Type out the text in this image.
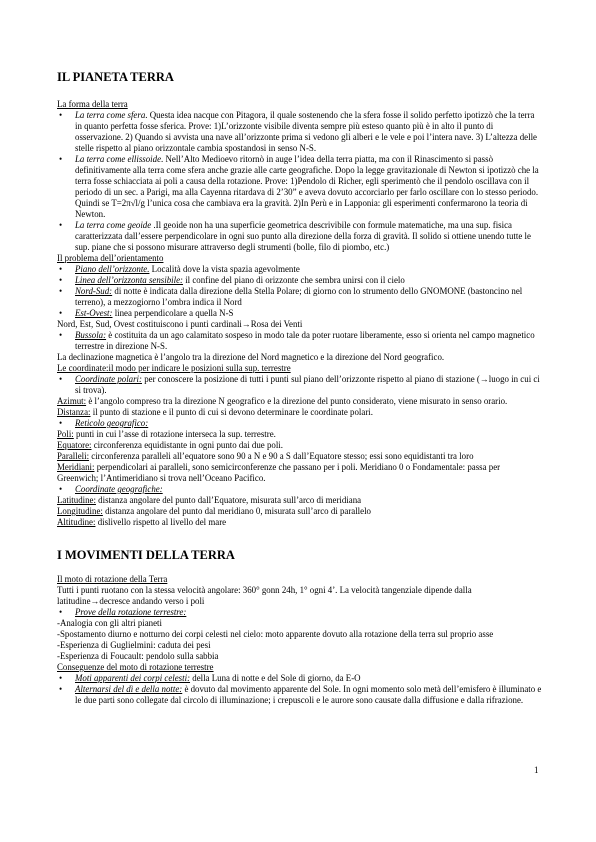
IL PIANETA TERRA
La forma della terra
• La terra come sfera. Questa idea nacque con Pitagora, il quale sostenendo che la sfera fosse il solido perfetto ipotizzò che la terra in quanto perfetta fosse sferica. Prove: 1)L’orizzonte visibile diventa sempre più esteso quanto più è in alto il punto di osservazione. 2) Quando si avvista una nave all’orizzonte prima si vedono gli alberi e le vele e poi l’intera nave. 3) L’altezza delle stelle rispetto al piano orizzontale cambia spostandosi in senso N-S.
• La terra come ellissoide. Nell’Alto Medioevo ritornò in auge l’idea della terra piatta, ma con il Rinascimento si passò definitivamente alla terra come sfera anche grazie alle carte geografiche. Dopo la legge gravitazionale di Newton si ipotizzò che la terra fosse schiacciata ai poli a causa della rotazione. Prove: 1)Pendolo di Richer, egli sperimentò che il pendolo oscillava con il periodo di un sec. a Parigi, ma alla Cayenna ritardava di 2’30” e aveva dovuto accorciarlo per farlo oscillare con lo stesso periodo. Quindi se T=2π√l/g l’unica cosa che cambiava era la gravità. 2)In Perù e in Lapponia: gli esperimenti confermarono la teoria di Newton.
• La terra come geoide .Il geoide non ha una superficie geometrica descrivibile con formule matematiche, ma una sup. fisica caratterizzata dall’essere perpendicolare in ogni suo punto alla direzione della forza di gravità. Il solido si ottiene unendo tutte le sup. piane che si possono misurare attraverso degli strumenti (bolle, filo di piombo, etc.)
Il problema dell’orientamento
• Piano dell’orizzonte. Località dove la vista spazia agevolmente
• Linea dell’orizzonta sensibile: il confine del piano di orizzonte che sembra unirsi con il cielo
• Nord-Sud: di notte è indicata dalla direzione della Stella Polare; di giorno con lo strumento dello GNOMONE (bastoncino nel terreno), a mezzogiorno l’ombra indica il Nord
• Est-Ovest: linea perpendicolare a quella N-S
Nord, Est, Sud, Ovest costituiscono i punti cardinali→Rosa dei Venti
• Bussola: è costituita da un ago calamitato sospeso in modo tale da poter ruotare liberamente, esso si orienta nel campo magnetico terrestre in direzione N-S.
La declinazione magnetica è l’angolo tra la direzione del Nord magnetico e la direzione del Nord geografico.
Le coordinate:il modo per indicare le posizioni sulla sup. terrestre
• Coordinate polari: per conoscere la posizione di tutti i punti sul piano dell’orizzonte rispetto al piano di stazione (→luogo in cui ci si trova).
Azimut: è l’angolo compreso tra la direzione N geografico e la direzione del punto considerato, viene misurato in senso orario.
Distanza: il punto di stazione e il punto di cui si devono determinare le coordinate polari.
• Reticolo geografico:
Poli: punti in cui l’asse di rotazione interseca la sup. terrestre.
Equatore: circonferenza equidistante in ogni punto dai due poli.
Paralleli: circonferenza paralleli all’equatore sono 90 a N e 90 a S dall’Equatore stesso; essi sono equidistanti tra loro
Meridiani: perpendicolari ai paralleli, sono semicirconferenze che passano per i poli. Meridiano 0 o Fondamentale: passa per Greenwich; l’Antimeridiano si trova nell’Oceano Pacifico.
• Coordinate geografiche:
Latitudine: distanza angolare del punto dall’Equatore, misurata sull’arco di meridiana
Longitudine: distanza angolare del punto dal meridiano 0, misurata sull’arco di parallelo
Altitudine: dislivello rispetto al livello del mare
I MOVIMENTI DELLA TERRA
Il moto di rotazione della Terra
Tutti i punti ruotano con la stessa velocità angolare: 360° gonn 24h, 1° ogni 4’. La velocità tangenziale dipende dalla latitudine→decresce andando verso i poli
• Prove della rotazione terrestre:
-Analogia con gli altri pianeti
-Spostamento diurno e notturno dei corpi celesti nel cielo: moto apparente dovuto alla rotazione della terra sul proprio asse
-Esperienza di Guglielmini: caduta dei pesi
-Esperienza di Foucault: pendolo sulla sabbia
Conseguenze del moto di rotazione terrestre
• Moti apparenti dei corpi celesti: della Luna di notte e del Sole di giorno, da E-O
• Alternarsi del dì e della notte: è dovuto dal movimento apparente del Sole. In ogni momento solo metà dell’emisfero è illuminato e le due parti sono collegate dal circolo di illuminazione; i crepuscoli e le aurore sono causate dalla diffusione e dalla rifrazione.
1
